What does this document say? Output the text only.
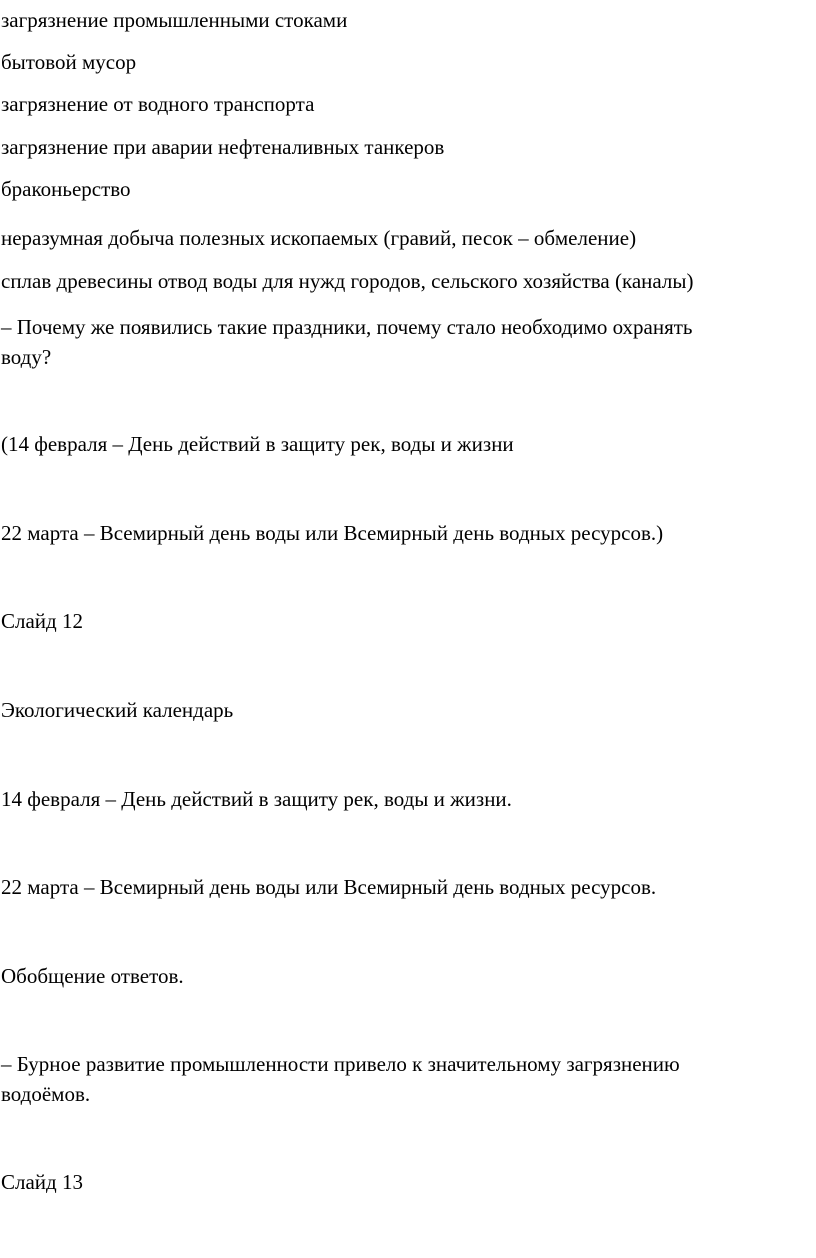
загрязнение промышленными стоками

бытовой мусор

загрязнение от водного транспорта

загрязнение при аварии нефтеналивных танкеров

браконьерство

неразумная добыча полезных ископаемых (гравий, песок – обмеление)

сплав древесины отвод воды для нужд городов, сельского хозяйства (каналы)

– Почему же появились такие праздники, почему стало необходимо охранять

воду?

(14 февраля – День действий в защиту рек, воды и жизни

22 марта – Всемирный день воды или Всемирный день водных ресурсов.)

Слайд 12

Экологический календарь

14 февраля – День действий в защиту рек, воды и жизни.

22 марта – Всемирный день воды или Всемирный день водных ресурсов.

Обобщение ответов.

– Бурное развитие промышленности привело к значительному загрязнению

водоёмов.

Слайд 13
